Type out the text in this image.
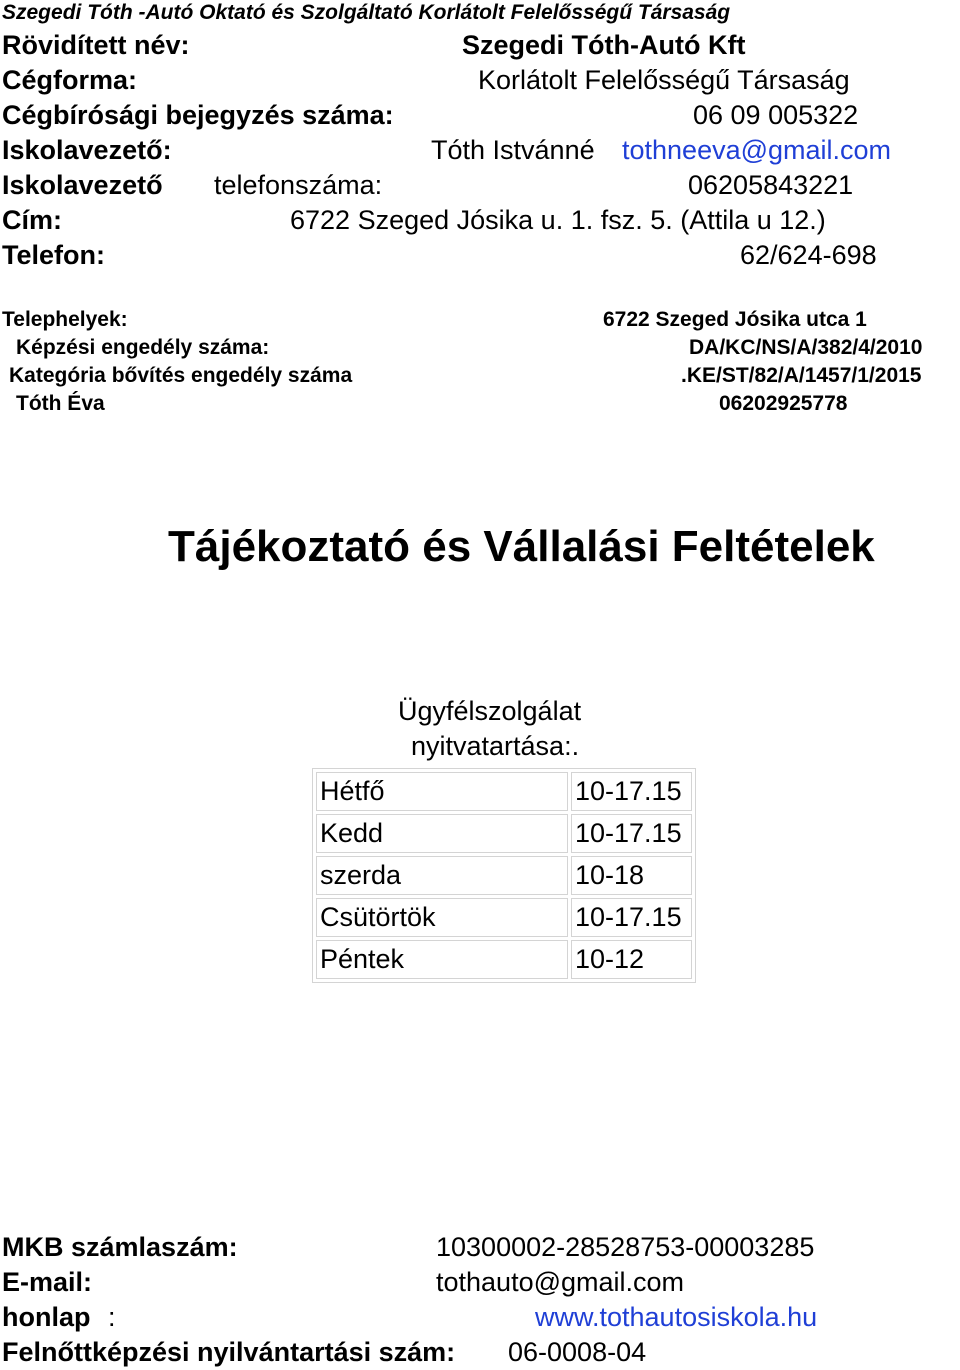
Szegedi Tóth -Autó Oktató és Szolgáltató Korlátolt Felelősségű Társaság
Rövidített név:	Szegedi Tóth-Autó Kft
Cégforma:	Korlátolt Felelősségű Társaság
Cégbírósági bejegyzés száma:	06 09 005322
Iskolavezető:	Tóth Istvánné tothneeva@gmail.com
Iskolavezető telefonszáma:	06205843221
Cím:	6722 Szeged Jósika u. 1. fsz. 5. (Attila u 12.)
Telefon:	62/624-698
Telephelyek:	6722 Szeged Jósika utca 1
Képzési engedély száma:	DA/KC/NS/A/382/4/2010
Kategória bővítés engedély száma	.KE/ST/82/A/1457/1/2015
Tóth Éva	06202925778
Tájékoztató és Vállalási Feltételek
Ügyfélszolgálat
nyitvatartása:.
Hétfő	10-17.15
Kedd	10-17.15
szerda	10-18
Csütörtök	10-17.15
Péntek	10-12
MKB számlaszám:	10300002-28528753-00003285
E-mail:	tothauto@gmail.com
honlap :	www.tothautosiskola.hu
Felnőttképzési nyilvántartási szám: 06-0008-04
